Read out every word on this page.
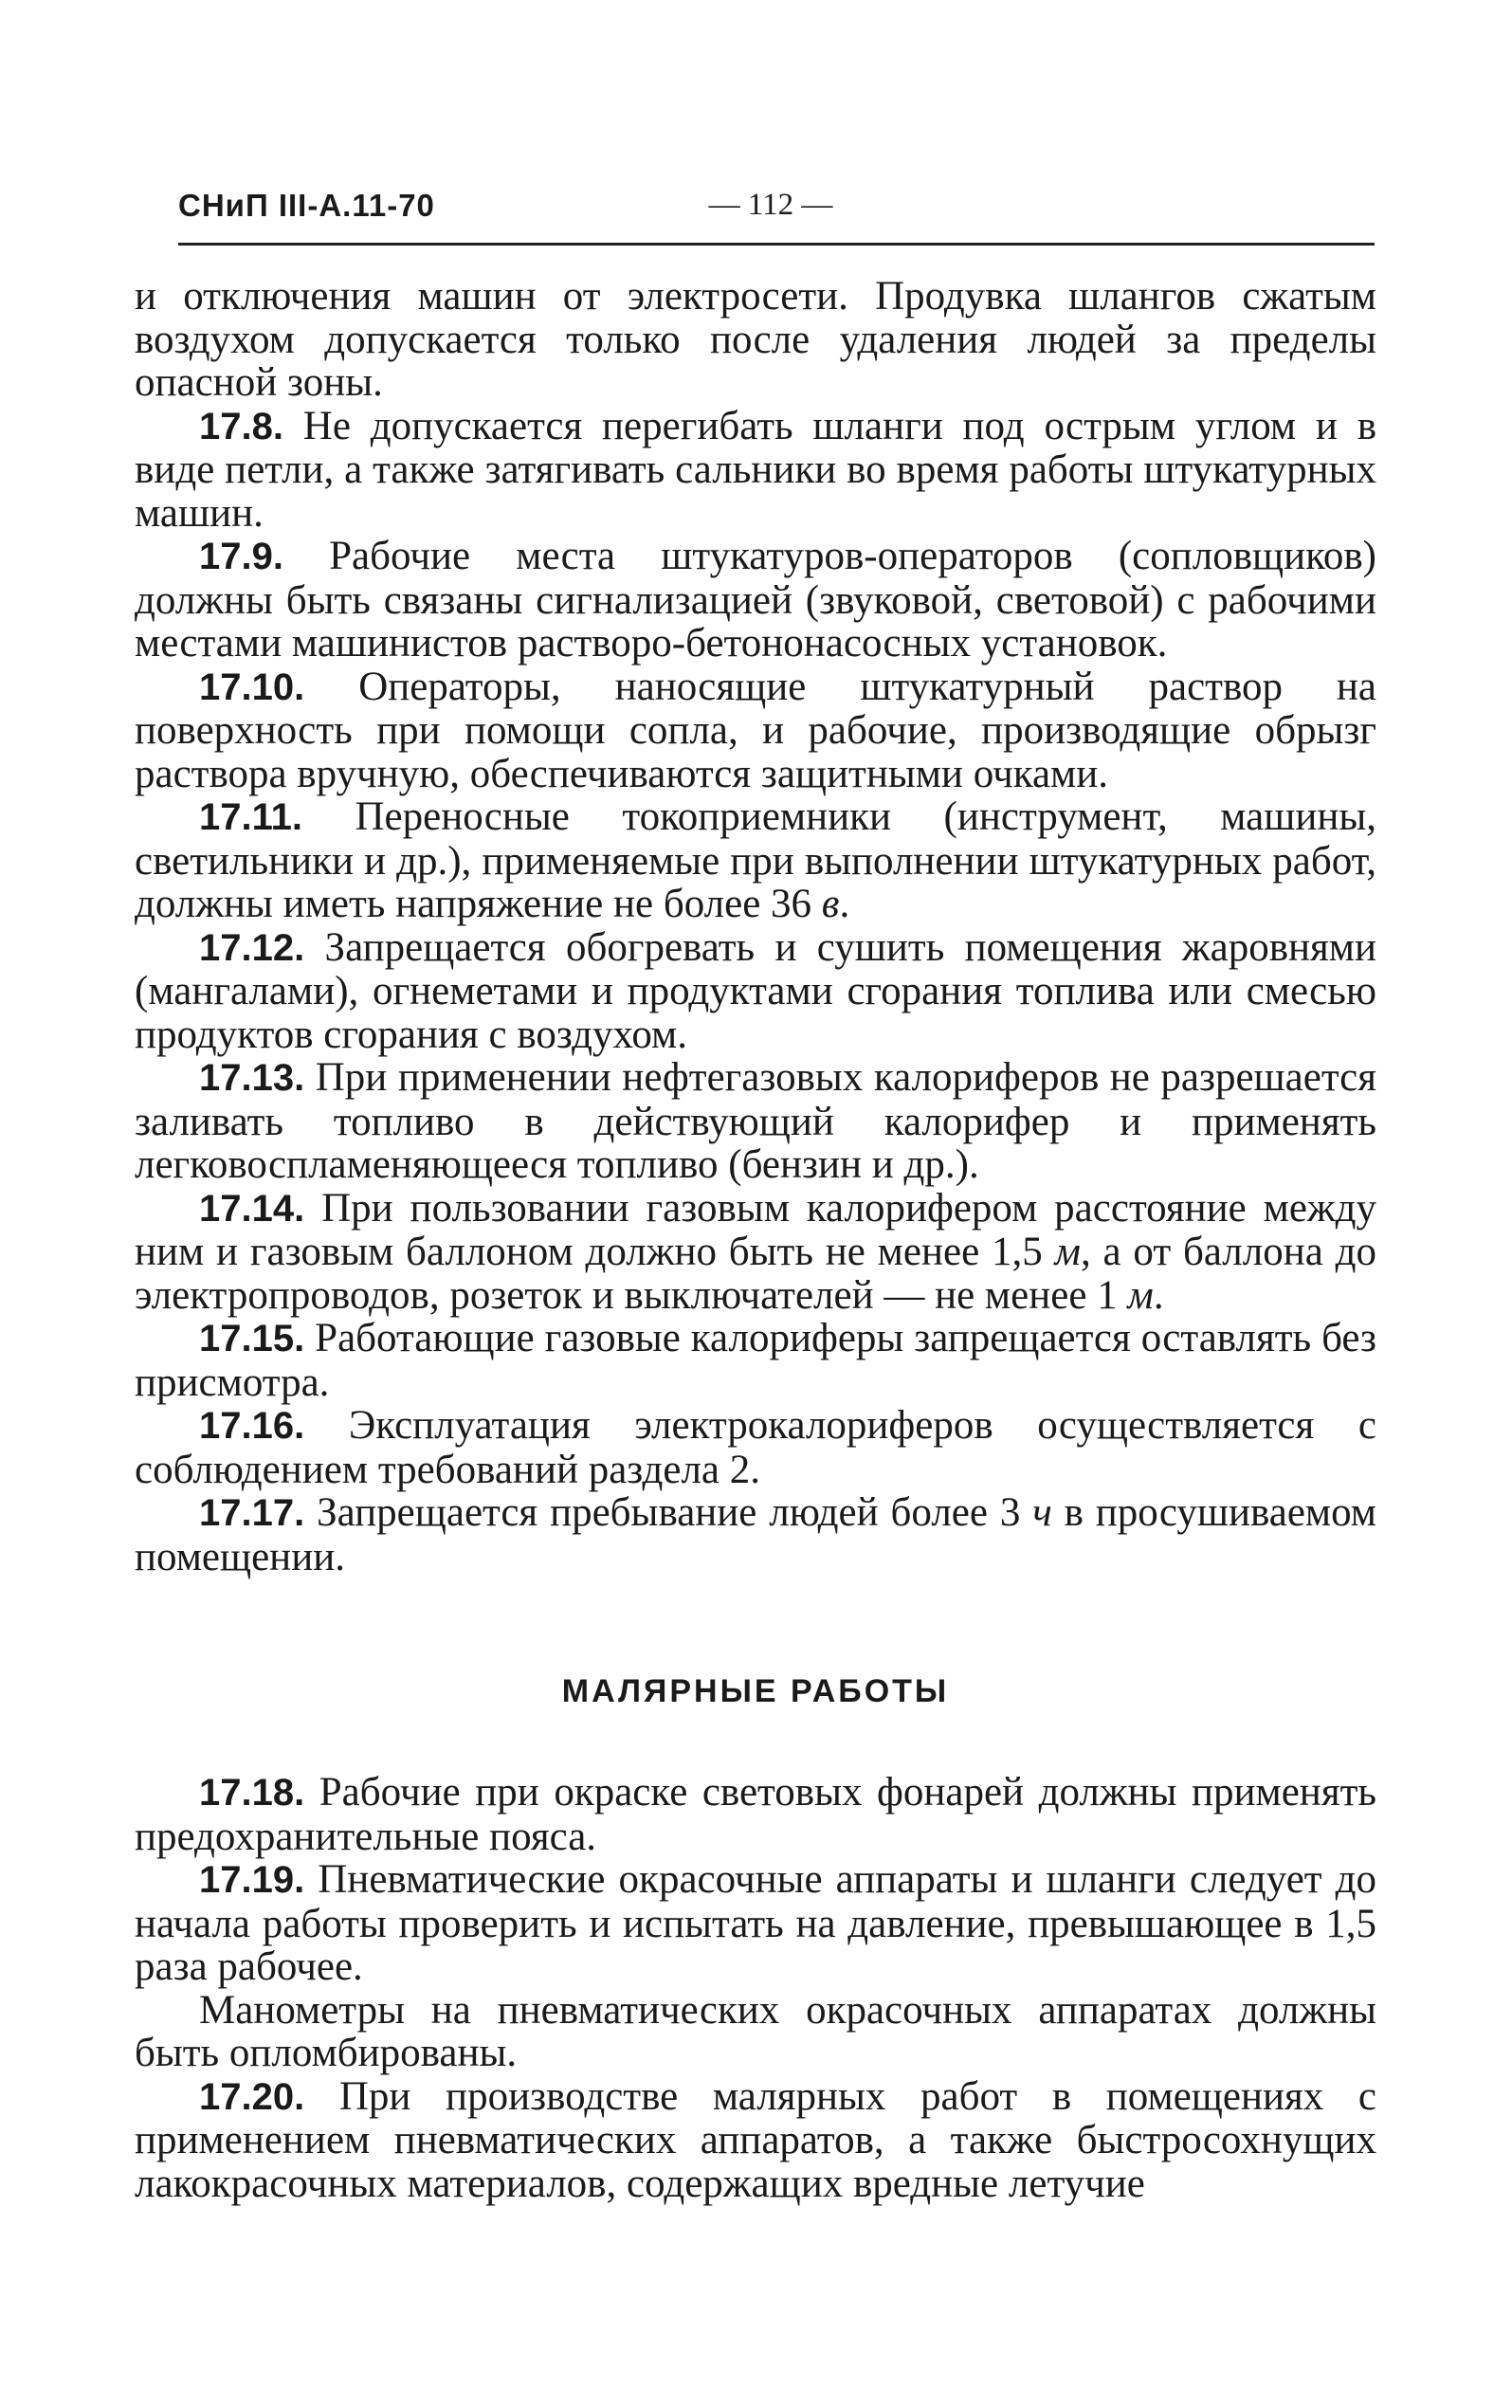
СНиП III-А.11-70	— 112 —

и отключения машин от электросети. Продувка шлангов сжатым воздухом допускается только после удаления людей за пределы опасной зоны.

17.8. Не допускается перегибать шланги под острым углом и в виде петли, а также затягивать сальники во время работы штукатурных машин.

17.9. Рабочие места штукатуров-операторов (сопловщиков) должны быть связаны сигнализацией (звуковой, световой) с рабочими местами машинистов растворо-бетононасосных установок.

17.10. Операторы, наносящие штукатурный раствор на поверхность при помощи сопла, и рабочие, производящие обрызг раствора вручную, обеспечиваются защитными очками.

17.11. Переносные токоприемники (инструмент, машины, светильники и др.), применяемые при выполнении штукатурных работ, должны иметь напряжение не более 36 в.

17.12. Запрещается обогревать и сушить помещения жаровнями (мангалами), огнеметами и продуктами сгорания топлива или смесью продуктов сгорания с воздухом.

17.13. При применении нефтегазовых калориферов не разрешается заливать топливо в действующий калорифер и применять легковоспламеняющееся топливо (бензин и др.).

17.14. При пользовании газовым калорифером расстояние между ним и газовым баллоном должно быть не менее 1,5 м, а от баллона до электропроводов, розеток и выключателей — не менее 1 м.

17.15. Работающие газовые калориферы запрещается оставлять без присмотра.

17.16. Эксплуатация электрокалориферов осуществляется с соблюдением требований раздела 2.

17.17. Запрещается пребывание людей более 3 ч в просушиваемом помещении.

МАЛЯРНЫЕ РАБОТЫ

17.18. Рабочие при окраске световых фонарей должны применять предохранительные пояса.

17.19. Пневматические окрасочные аппараты и шланги следует до начала работы проверить и испытать на давление, превышающее в 1,5 раза рабочее.

Манометры на пневматических окрасочных аппаратах должны быть опломбированы.

17.20. При производстве малярных работ в помещениях с применением пневматических аппаратов, а также быстросохнущих лакокрасочных материалов, содержащих вредные летучие
